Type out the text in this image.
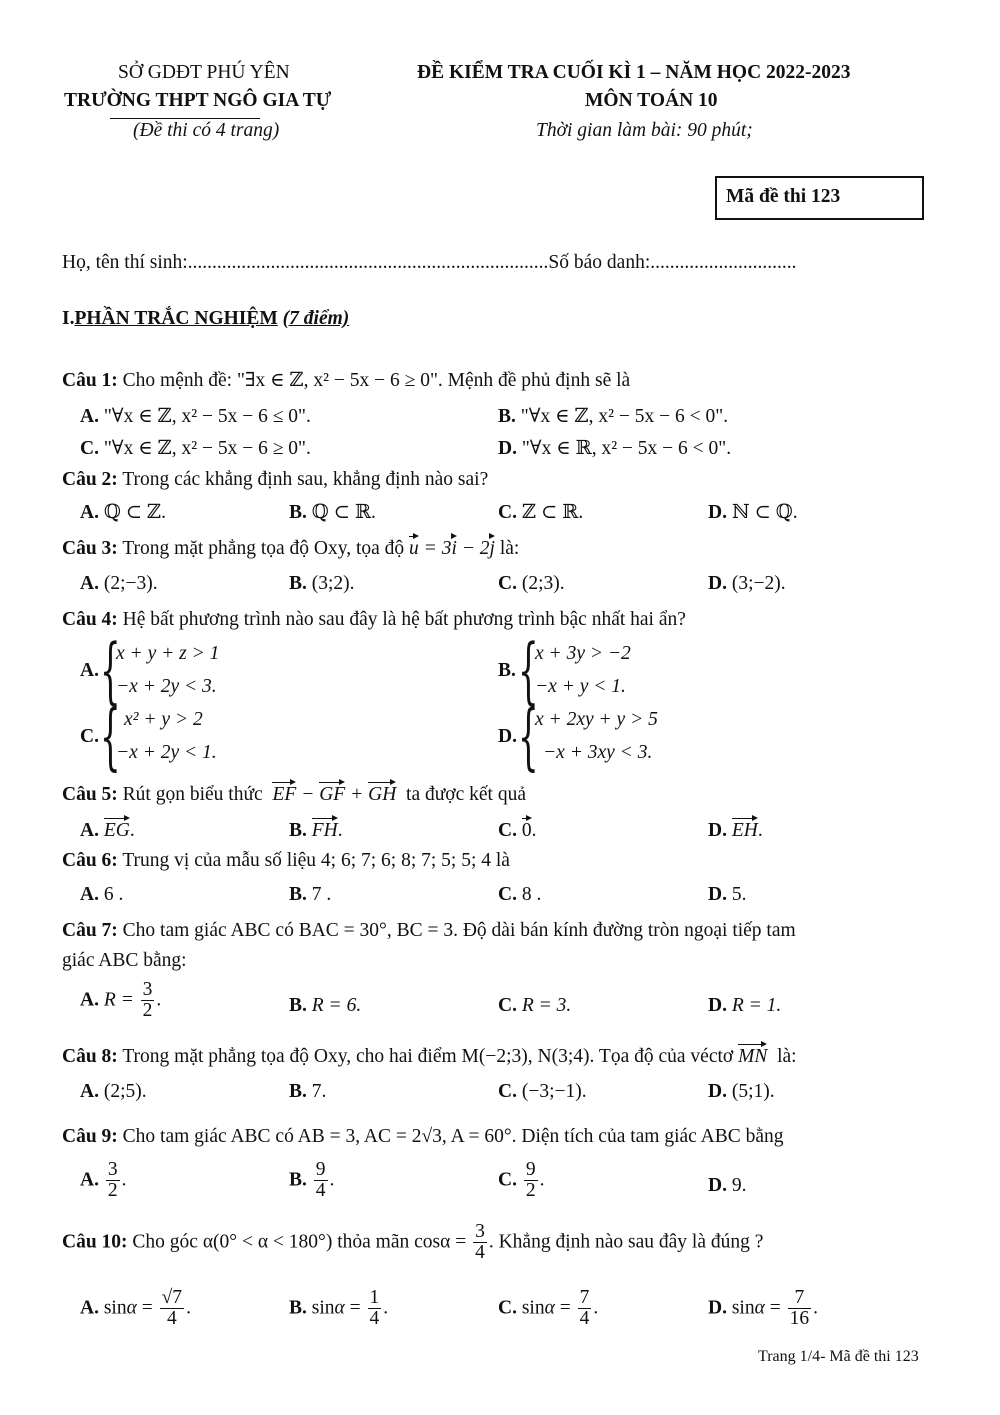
SỞ GDĐT PHÚ YÊN
TRƯỜNG THPT NGÔ GIA TỰ
(Đề thi có 4 trang)
ĐỀ KIỂM TRA CUỐI KÌ 1 – NĂM HỌC 2022-2023
MÔN TOÁN 10
Thời gian làm bài: 90 phút;
Mã đề thi 123
Họ, tên thí sinh:..........................................................................Số báo danh:..............................
I.PHẦN TRẮC NGHIỆM (7 điểm)
Câu 1: Cho mệnh đề: "∃x ∈ ℤ, x² − 5x − 6 ≥ 0". Mệnh đề phủ định sẽ là
A. "∀x ∈ ℤ, x² − 5x − 6 ≤ 0".	B. "∀x ∈ ℤ, x² − 5x − 6 < 0".
C. "∀x ∈ ℤ, x² − 5x − 6 ≥ 0".	D. "∀x ∈ ℝ, x² − 5x − 6 < 0".
Câu 2: Trong các khẳng định sau, khẳng định nào sai?
A. ℚ ⊂ ℤ.	B. ℚ ⊂ ℝ.	C. ℤ ⊂ ℝ.	D. ℕ ⊂ ℚ.
Câu 3: Trong mặt phẳng tọa độ Oxy, tọa độ u = 3i − 2j là:
A. (2;−3).	B. (3;2).	C. (2;3).	D. (3;−2).
Câu 4: Hệ bất phương trình nào sau đây là hệ bất phương trình bậc nhất hai ẩn?
A. {
x + y + z > 1
−x + 2y < 3.
B. {
x + 3y > −2
−x + y < 1.
C. { x² + y > 2
−x + 2y < 1.
D. {
x + 2xy + y > 5
−x + 3xy < 3.
Câu 5: Rút gọn biểu thức EF − GF + GH ta được kết quả
A. EG.	B. FH.	C. 0.	D. EH.
Câu 6: Trung vị của mẫu số liệu 4; 6; 7; 6; 8; 7; 5; 5; 4 là
A. 6 .	B. 7 .	C. 8 .	D. 5.
Câu 7: Cho tam giác ABC có BAC = 30°, BC = 3. Độ dài bán kính đường tròn ngoại tiếp tam
giác ABC bằng:
A. $R = \frac{3}{2}$ .	B. R = 6.	C. R = 3.	D. R = 1.
Câu 8: Trong mặt phẳng tọa độ Oxy, cho hai điểm M(−2;3), N(3;4). Tọa độ của véctơ MN là:
A. (2;5).	B. 7.	C. (−3;−1).	D. (5;1).
Câu 9: Cho tam giác ABC có AB = 3, AC = 2√3, A = 60°. Diện tích của tam giác ABC bằng
A. $\frac{3}{2}$ .	B. $\frac{9}{4}$ .	C. $\frac{9}{2}$ .	D. 9.
Câu 10: Cho góc α(0° < α < 180°) thỏa mãn $\cos\alpha = \frac{3}{4}$ . Khẳng định nào sau đây là đúng ?
A. $\sin\alpha = \frac{√7}{4}$ .	B. $\sin\alpha = \frac{1}{4}$ .	C. $\sin\alpha = \frac{7}{4}$ .	D. $\sin\alpha = \frac{7}{16}$ .
Trang 1/4- Mã đề thi 123
